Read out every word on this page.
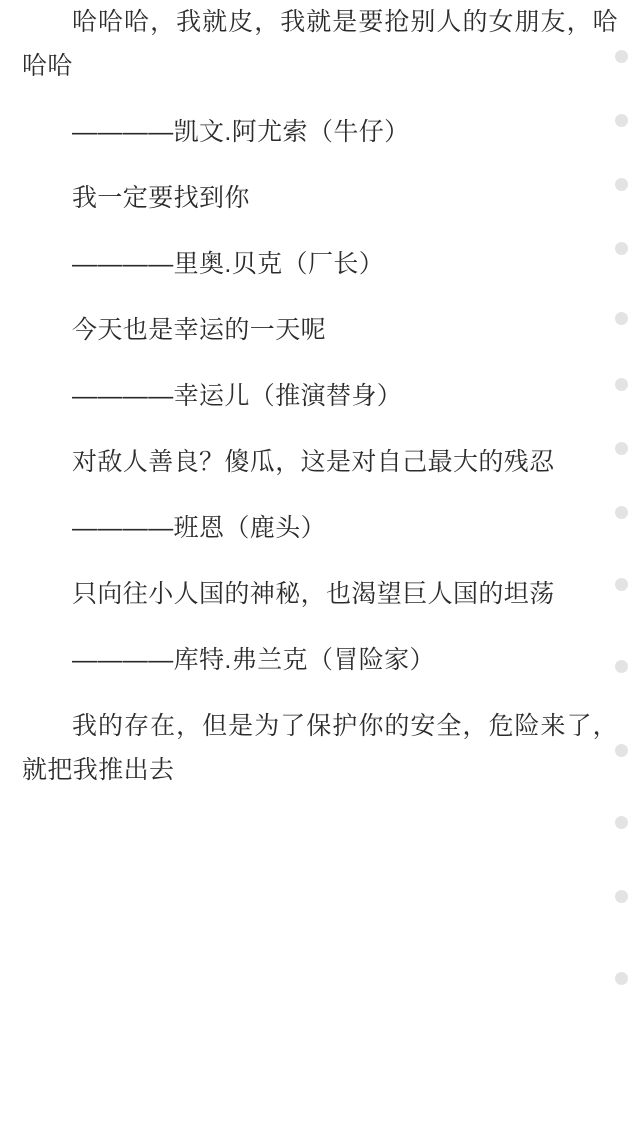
哈哈哈，我就皮，我就是要抢别人的女朋友，哈哈哈

————凯文.阿尤索（牛仔）

我一定要找到你

————里奥.贝克（厂长）

今天也是幸运的一天呢

————幸运儿（推演替身）

对敌人善良？傻瓜，这是对自己最大的残忍

————班恩（鹿头）

只向往小人国的神秘，也渴望巨人国的坦荡

————库特.弗兰克（冒险家）

我的存在，但是为了保护你的安全，危险来了，就把我推出去
